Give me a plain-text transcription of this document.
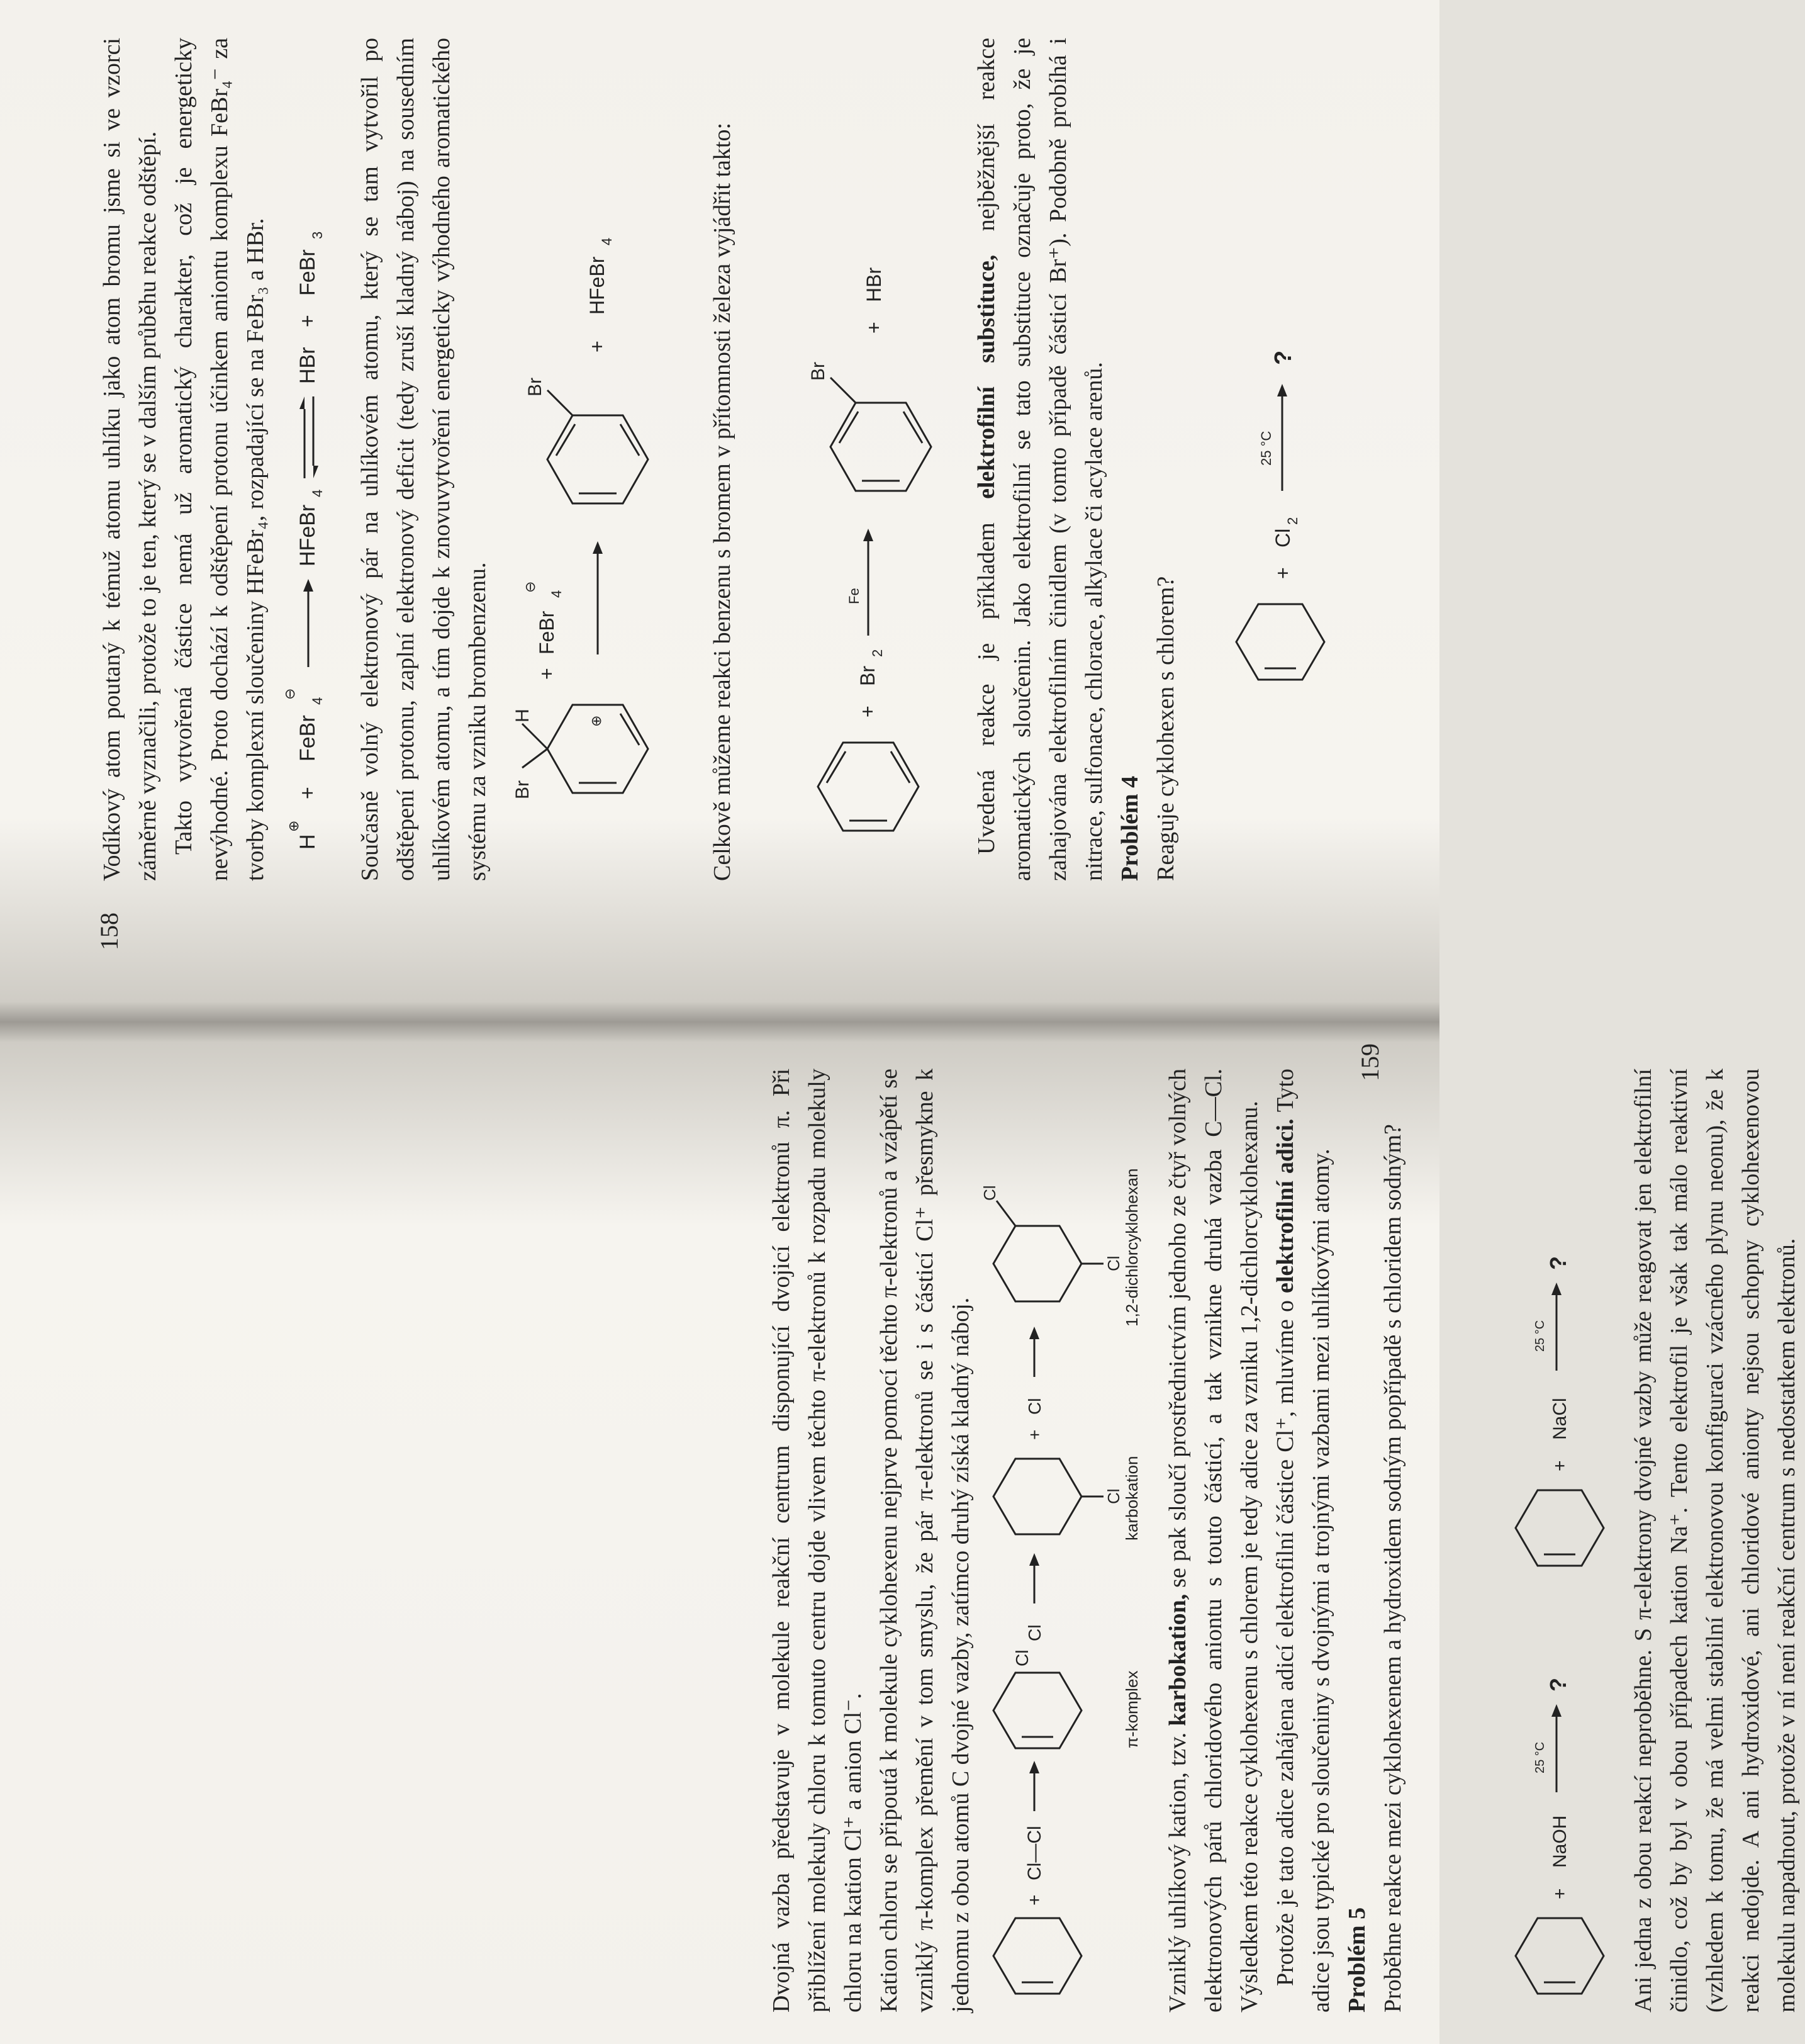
158

Vodíkový atom poutaný k témuž atomu uhlíku jako atom bromu jsme si ve vzorci záměrně vyznačili, protože to je ten, který se v dalším průběhu reakce odštěpí. Takto vytvořená částice nemá už aromatický charakter, což je energeticky nevýhodné. Proto dochází k odštěpení protonu účinkem aniontu komplexu FeBr₄⁻ za tvorby komplexní sloučeniny HFeBr₄, rozpadající se na FeBr₃ a HBr. H
⊕
+
FeBr
4
⊖
HFeBr
4
HBr
+
FeBr
3 Současně volný elektronový pár na uhlíkovém atomu, který se tam vytvořil po odštěpení protonu, zaplní elektronový deficit (tedy zruší kladný náboj) na sousedním uhlíkovém atomu, a tím dojde k znovuvytvoření energeticky výhodného aromatického systému za vzniku brombenzenu. Br
H	⊕
+
FeBr
4
⊖
Br
+
HFeBr
4	Celkově můžeme reakci benzenu s bromem v přítomnosti železa vyjádřit takto:	+
Br
2
Fe
Br
+
HBr

Uvedená reakce je příkladem elektrofilní substituce, nejběžnější reakce aromatických sloučenin. Jako elektrofilní se tato substituce označuje proto, že je zahajována elektrofilním činidlem (v tomto případě částicí Br⁺). Podobně probíhá i nitrace, sulfonace, chlorace, alkylace či acylace arenů. Problém 4 Reaguje cyklohexen s chlorem?

+
Cl
2
25 °C
?
159

Dvojná vazba představuje v molekule reakční centrum disponující dvojicí elektronů π. Při přiblížení molekuly chloru k tomuto centru dojde vlivem těchto π-elektronů k rozpadu molekuly chloru na kation Cl⁺ a anion Cl⁻. Kation chloru se připoutá k molekule cyklohexenu nejprve pomocí těchto π-elektronů a vzápětí se vzniklý π-komplex přemění v tom smyslu, že pár π-elektronů se i s částicí Cl⁺ přesmykne k jednomu z obou atomů C dvojné vazby, zatímco druhý získá kladný náboj.	+
Cl—Cl
Cl
Cl
Cl
+
Cl
Cl
Cl
π-komplex
karbokation
1,2-dichlorcyklohexan

Vzniklý uhlíkový kation, tzv. karbokation, se pak sloučí prostřednictvím jednoho ze čtyř volných elektronových párů chloridového aniontu s touto částicí, a tak vznikne druhá vazba C—Cl. Výsledkem této reakce cyklohexenu s chlorem je tedy adice za vzniku 1,2-dichlorcyklohexanu. Protože je tato adice zahájena adicí elektrofilní částice Cl⁺, mluvíme o elektrofilní adici. Tyto adice jsou typické pro sloučeniny s dvojnými a trojnými vazbami mezi uhlíkovými atomy. Problém 5 Proběhne reakce mezi cyklohexenem a hydroxidem sodným popřípadě s chloridem sodným?	+
NaOH
25 °C
?
+
NaCl
25 °C
? Ani jedna z obou reakcí neproběhne. S π-elektrony dvojné vazby může reagovat jen elektrofilní činidlo, což by byl v obou případech kation Na⁺. Tento elektrofil je však tak málo reaktivní (vzhledem k tomu, že má velmi stabilní elektronovou konfiguraci vzácného plynu neonu), že k reakci nedojde. A ani hydroxidové, ani chloridové anionty nejsou schopny cyklohexenovou molekulu napadnout, protože v ní není reakční centrum s nedostatkem elektronů.
